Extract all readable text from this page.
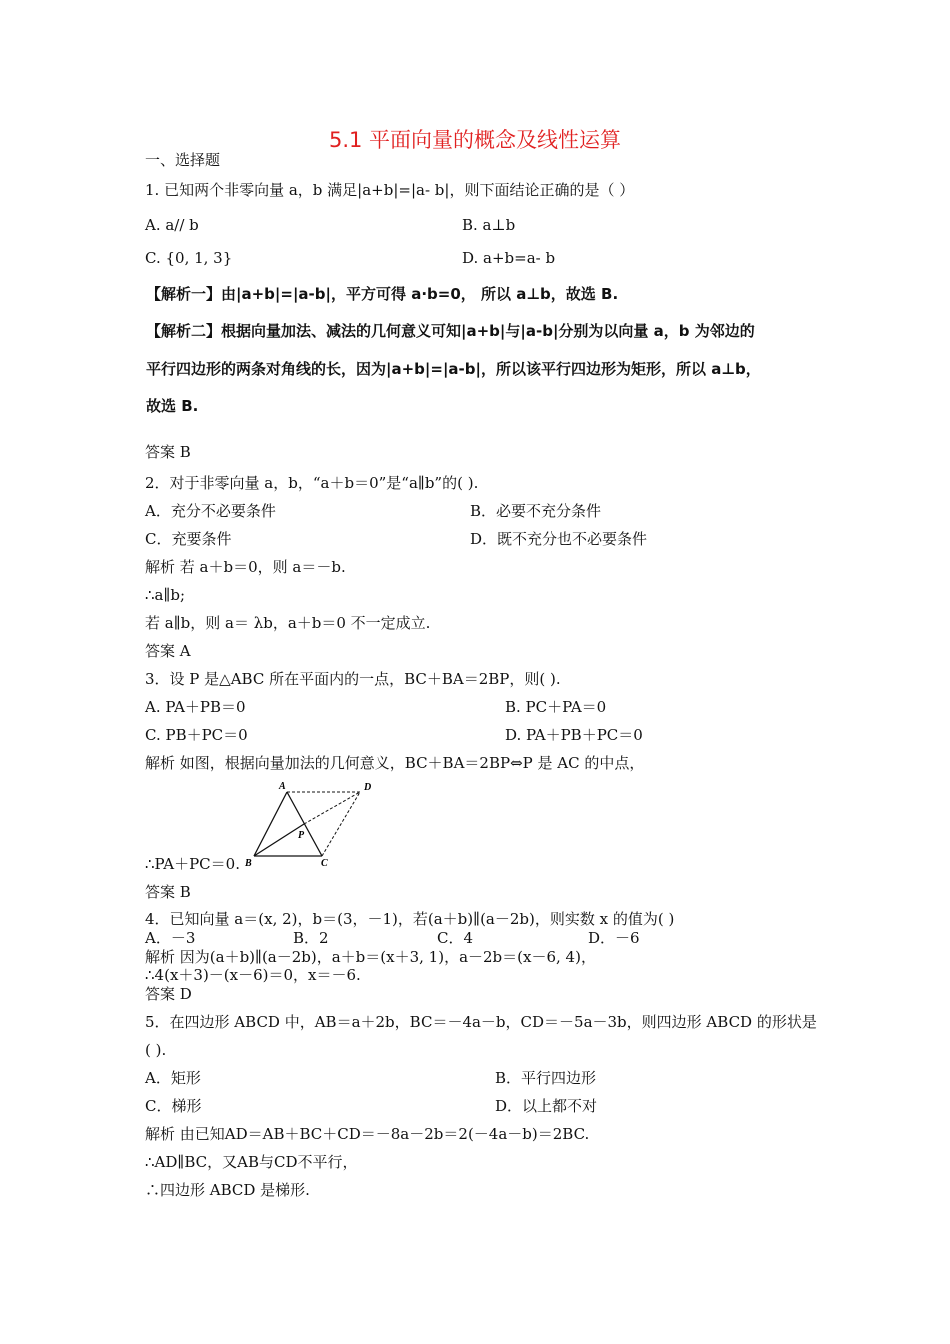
5.1 平面向量的概念及线性运算
一、选择题
1. 已知两个非零向量 a，b 满足|a+b|=|a- b|，则下面结论正确的是（ ）
A. a// b	B. a⊥b
C. {0, 1, 3}	D. a+b=a- b
【解析一】由|a+b|=|a-b|，平方可得 a·b=0， 所以 a⊥b，故选 B.
【解析二】根据向量加法、减法的几何意义可知|a+b|与|a-b|分别为以向量 a，b 为邻边的
平行四边形的两条对角线的长，因为|a+b|=|a-b|，所以该平行四边形为矩形，所以 a⊥b，
故选 B.
答案 B
2．对于非零向量 a，b，“a＋b＝0”是“a∥b”的( ).
A．充分不必要条件	B．必要不充分条件
C．充要条件	D．既不充分也不必要条件
解析 若 a＋b＝0，则 a＝－b.
∴a∥b;
若 a∥b，则 a＝ λb，a＋b＝0 不一定成立.
答案 A
3．设 P 是△ABC 所在平面内的一点，BC＋BA＝2BP，则( ).
A. PA＋PB＝0	B. PC＋PA＝0
C. PB＋PC＝0	D. PA＋PB＋PC＝0
解析 如图，根据向量加法的几何意义，BC＋BA＝2BP⇔P 是 AC 的中点，
A	D
B	C
P
∴PA＋PC＝0.
答案 B
4．已知向量 a＝(x, 2)，b＝(3，－1)，若(a＋b)∥(a－2b)，则实数 x 的值为( )
A．－3	B．2	C．4	D．－6
解析 因为(a＋b)∥(a－2b)，a＋b＝(x＋3, 1)，a－2b＝(x－6, 4)，
∴4(x＋3)－(x－6)＝0，x＝－6.
答案 D
5．在四边形 ABCD 中，AB＝a＋2b，BC＝－4a－b，CD＝－5a－3b，则四边形 ABCD 的形状是
( ).
A．矩形	B．平行四边形
C．梯形	D．以上都不对
解析 由已知AD＝AB＋BC＋CD＝－8a－2b＝2(－4a－b)＝2BC.
∴AD∥BC，又AB与CD不平行，
∴四边形 ABCD 是梯形.
